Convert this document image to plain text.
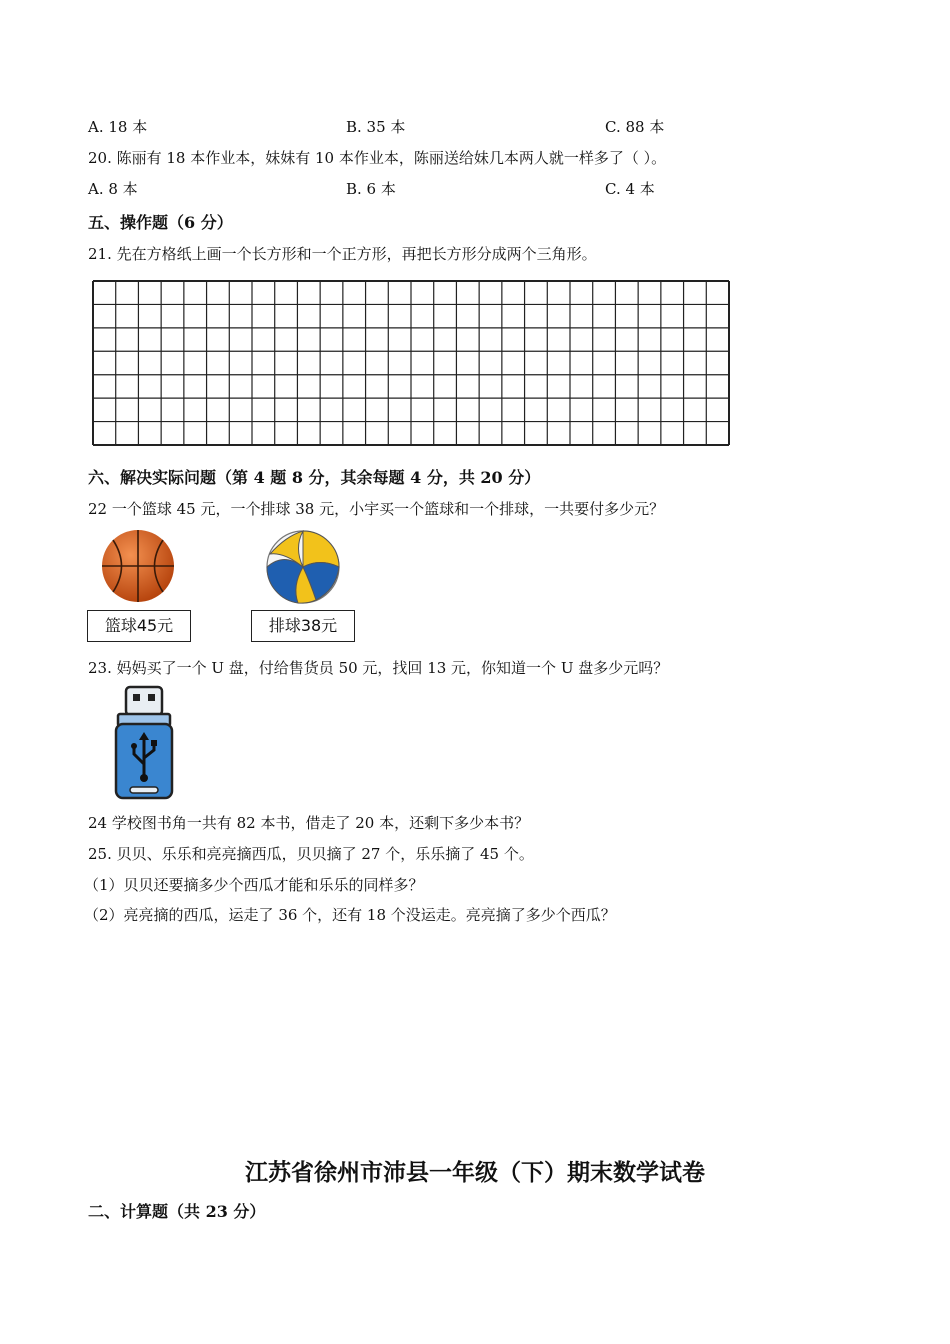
A. 18 本	B. 35 本	C. 88 本
20. 陈丽有 18 本作业本，妹妹有 10 本作业本，陈丽送给妹几本两人就一样多了（ ）。
A. 8 本	B. 6 本	C. 4 本
五、操作题（6 分）
21. 先在方格纸上画一个长方形和一个正方形，再把长方形分成两个三角形。
六、解决实际问题（第 4 题 8 分，其余每题 4 分，共 20 分）
22 一个篮球 45 元，一个排球 38 元，小宇买一个篮球和一个排球，一共要付多少元？
篮球45元	排球38元
23. 妈妈买了一个 U 盘，付给售货员 50 元，找回 13 元，你知道一个 U 盘多少元吗？
24 学校图书角一共有 82 本书，借走了 20 本，还剩下多少本书？
25. 贝贝、乐乐和亮亮摘西瓜，贝贝摘了 27 个，乐乐摘了 45 个。
（1）贝贝还要摘多少个西瓜才能和乐乐的同样多？
（2）亮亮摘的西瓜，运走了 36 个，还有 18 个没运走。亮亮摘了多少个西瓜？
江苏省徐州市沛县一年级（下）期末数学试卷
二、计算题（共 23 分）
